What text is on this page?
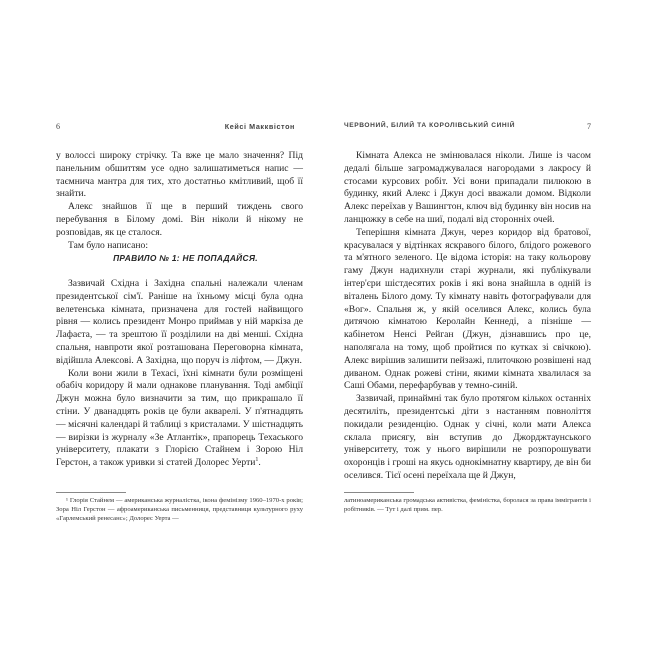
6	Кейсі Макквістон

у волоссі широку стрічку. Та вже це мало значення? Під панельним обшиттям усе одно залишатиметься напис — таємнича мантра для тих, хто достатньо кмітливий, щоб її знайти.

Алекс знайшов її ще в перший тиждень свого перебування в Білому домі. Він ніколи й нікому не розповідав, як це сталося.

Там було написано:

ПРАВИЛО № 1: НЕ ПОПАДАЙСЯ.

Зазвичай Східна і Західна спальні належали членам президентської сім'ї. Раніше на їхньому місці була одна велетенська кімната, призначена для гостей найвищого рівня — колись президент Монро приймав у ній маркіза де Лафаєта, — та зрештою її розділили на дві менші. Східна спальня, навпроти якої розташована Переговорна кімната, відійшла Алексові. А Західна, що поруч із ліфтом, — Джун.

Коли вони жили в Техасі, їхні кімнати були розміщені обабіч коридору й мали однакове планування. Тоді амбіції Джун можна було визначити за тим, що прикрашало її стіни. У дванадцять років це були акварелі. У п'ятнадцять — місячні календарі й таблиці з кристалами. У шістнадцять — вирізки із журналу «Зе Атлантік», прапорець Техаського університету, плакати з Глорією Стайнем і Зорою Ніл Герстон, а також уривки зі статей Долорес Уерти$^1$.

¹ Глорія Стайнем — американська журналістка, ікона фемінізму 1960–1970-х років; Зора Ніл Герстон — афроамериканська письменниця, представниця культурного руху «Гарлемський ренесанс»; Долорес Уерта —

ЧЕРВОНИЙ, БІЛИЙ ТА КОРОЛІВСЬКИЙ СИНІЙ	7

Кімната Алекса не змінювалася ніколи. Лише із часом дедалі більше загромаджувалася нагородами з лакросу й стосами курсових робіт. Усі вони припадали пилюкою в будинку, який Алекс і Джун досі вважали домом. Відколи Алекс переїхав у Вашингтон, ключ від будинку він носив на ланцюжку в себе на шиї, подалі від сторонніх очей.

Теперішня кімната Джун, через коридор від братової, красувалася у відтінках яскравого білого, блідого рожевого та м'ятного зеленого. Це відома історія: на таку кольорову гаму Джун надихнули старі журнали, які публікували інтер'єри шістдесятих років і які вона знайшла в одній із віталень Білого дому. Ту кімнату навіть фотографували для «Вог». Спальня ж, у якій оселився Алекс, колись була дитячою кімнатою Керолайн Кеннеді, а пізніше — кабінетом Ненсі Рейган (Джун, дізнавшись про це, наполягала на тому, щоб пройтися по кутках зі свічкою). Алекс вирішив залишити пейзажі, плиточкою розвішені над диваном. Однак рожеві стіни, якими кімната хвалилася за Саші Обами, перефарбував у темно-синій.

Зазвичай, принаймні так було протягом кількох останніх десятиліть, президентські діти з настанням повноліття покидали резиденцію. Однак у січні, коли мати Алекса склала присягу, він вступив до Джорджтаунського університету, тож у нього вирішили не розпорошувати охоронців і гроші на якусь однокімнатну квартиру, де він би оселився. Тієї осені переїхала ще й Джун,

латиноамериканська громадська активістка, феміністка, боролася за права іммігрантів і робітників. — Тут і далі прим. пер.
